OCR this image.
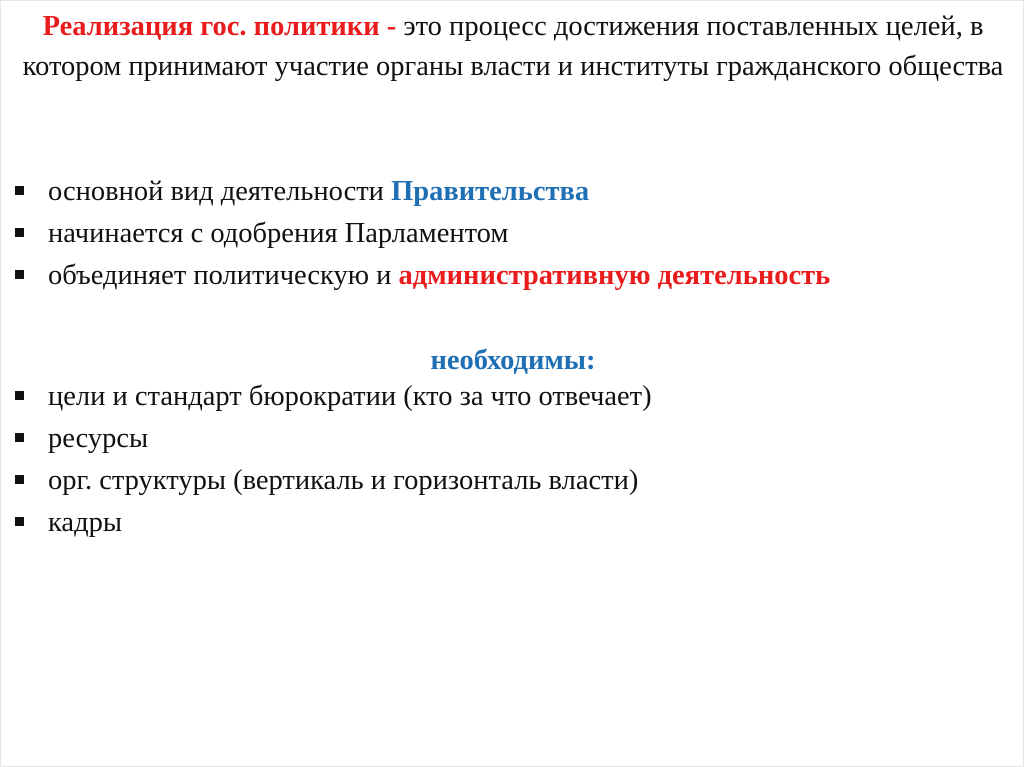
Реализация гос. политики - это процесс достижения поставленных целей, в котором принимают участие органы власти и институты гражданского общества
основной вид деятельности Правительства
начинается с одобрения Парламентом
объединяет политическую и административную деятельность
необходимы:
цели и стандарт бюрократии (кто за что отвечает)
ресурсы
орг. структуры (вертикаль и горизонталь власти)
кадры
